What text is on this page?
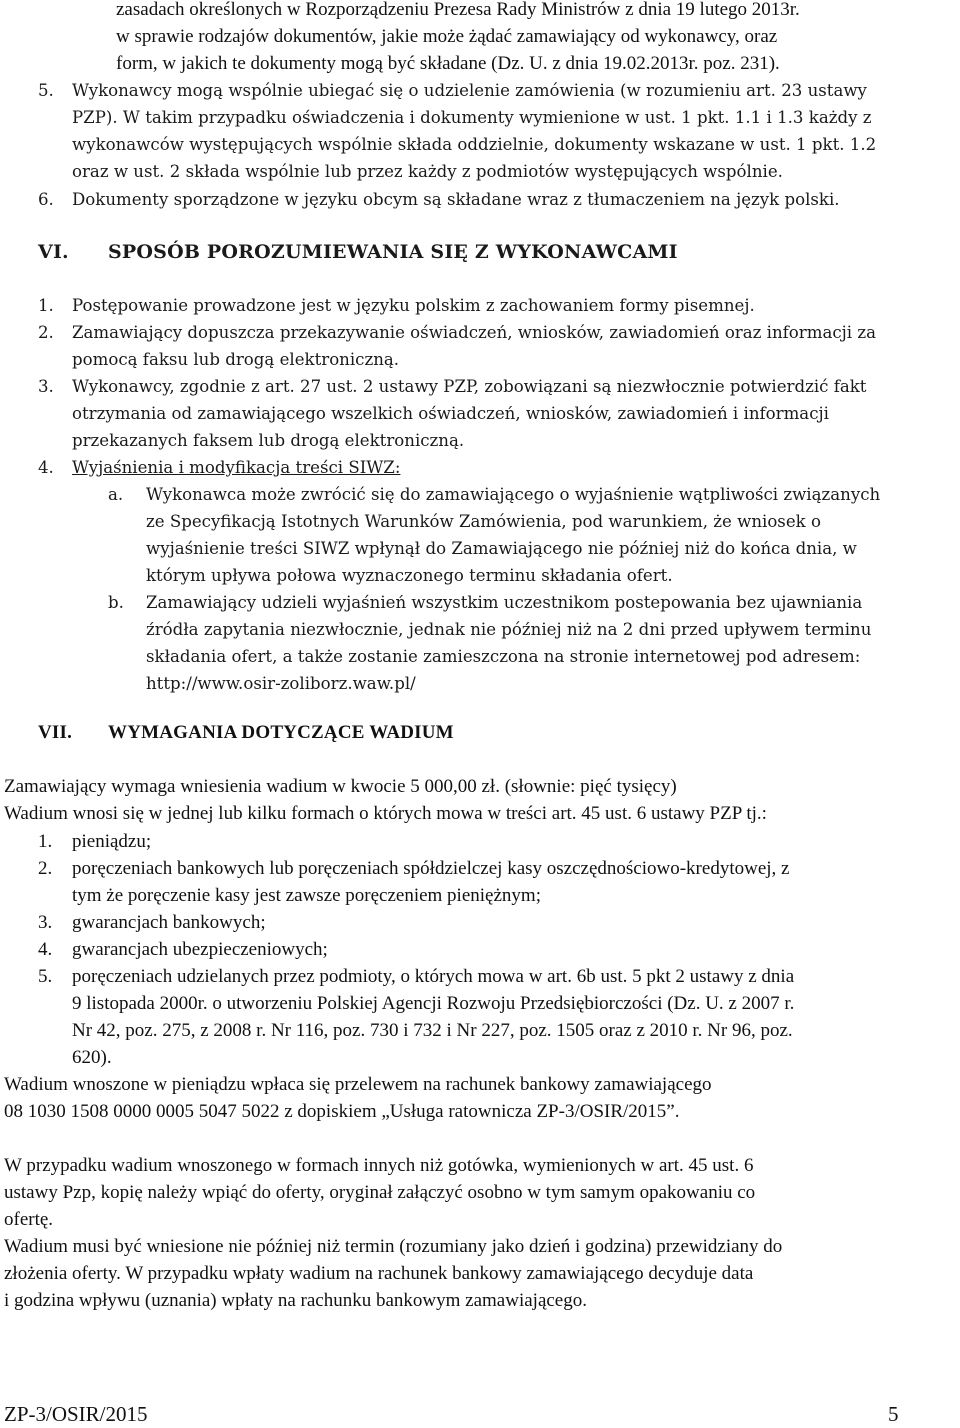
zasadach określonych w Rozporządzeniu Prezesa Rady Ministrów z dnia 19 lutego 2013r.
w sprawie rodzajów dokumentów, jakie może żądać zamawiający od wykonawcy, oraz
form, w jakich te dokumenty mogą być składane (Dz. U. z dnia 19.02.2013r. poz. 231).
5. Wykonawcy mogą wspólnie ubiegać się o udzielenie zamówienia (w rozumieniu art. 23 ustawy
PZP). W takim przypadku oświadczenia i dokumenty wymienione w ust. 1 pkt. 1.1 i 1.3 każdy z
wykonawców występujących wspólnie składa oddzielnie, dokumenty wskazane w ust. 1 pkt. 1.2
oraz w ust. 2 składa wspólnie lub przez każdy z podmiotów występujących wspólnie.
6. Dokumenty sporządzone w języku obcym są składane wraz z tłumaczeniem na język polski.
VI. SPOSÓB POROZUMIEWANIA SIĘ Z WYKONAWCAMI
1. Postępowanie prowadzone jest w języku polskim z zachowaniem formy pisemnej.
2. Zamawiający dopuszcza przekazywanie oświadczeń, wniosków, zawiadomień oraz informacji za
pomocą faksu lub drogą elektroniczną.
3. Wykonawcy, zgodnie z art. 27 ust. 2 ustawy PZP, zobowiązani są niezwłocznie potwierdzić fakt
otrzymania od zamawiającego wszelkich oświadczeń, wniosków, zawiadomień i informacji
przekazanych faksem lub drogą elektroniczną.
4. Wyjaśnienia i modyfikacja treści SIWZ:
a. Wykonawca może zwrócić się do zamawiającego o wyjaśnienie wątpliwości związanych
ze Specyfikacją Istotnych Warunków Zamówienia, pod warunkiem, że wniosek o
wyjaśnienie treści SIWZ wpłynął do Zamawiającego nie później niż do końca dnia, w
którym upływa połowa wyznaczonego terminu składania ofert.
b. Zamawiający udzieli wyjaśnień wszystkim uczestnikom postepowania bez ujawniania
źródła zapytania niezwłocznie, jednak nie później niż na 2 dni przed upływem terminu
składania ofert, a także zostanie zamieszczona na stronie internetowej pod adresem:
http://www.osir-zoliborz.waw.pl/
VII. WYMAGANIA DOTYCZĄCE WADIUM
Zamawiający wymaga wniesienia wadium w kwocie 5 000,00 zł. (słownie: pięć tysięcy)
Wadium wnosi się w jednej lub kilku formach o których mowa w treści art. 45 ust. 6 ustawy PZP tj.:
1. pieniądzu;
2. poręczeniach bankowych lub poręczeniach spółdzielczej kasy oszczędnościowo-kredytowej, z
tym że poręczenie kasy jest zawsze poręczeniem pieniężnym;
3. gwarancjach bankowych;
4. gwarancjach ubezpieczeniowych;
5. poręczeniach udzielanych przez podmioty, o których mowa w art. 6b ust. 5 pkt 2 ustawy z dnia
9 listopada 2000r. o utworzeniu Polskiej Agencji Rozwoju Przedsiębiorczości (Dz. U. z 2007 r.
Nr 42, poz. 275, z 2008 r. Nr 116, poz. 730 i 732 i Nr 227, poz. 1505 oraz z 2010 r. Nr 96, poz.
620).
Wadium wnoszone w pieniądzu wpłaca się przelewem na rachunek bankowy zamawiającego
08 1030 1508 0000 0005 5047 5022 z dopiskiem „Usługa ratownicza ZP-3/OSIR/2015”.
W przypadku wadium wnoszonego w formach innych niż gotówka, wymienionych w art. 45 ust. 6
ustawy Pzp, kopię należy wpiąć do oferty, oryginał załączyć osobno w tym samym opakowaniu co
ofertę.
Wadium musi być wniesione nie później niż termin (rozumiany jako dzień i godzina) przewidziany do
złożenia oferty. W przypadku wpłaty wadium na rachunek bankowy zamawiającego decyduje data
i godzina wpływu (uznania) wpłaty na rachunku bankowym zamawiającego.
ZP-3/OSIR/2015	5
